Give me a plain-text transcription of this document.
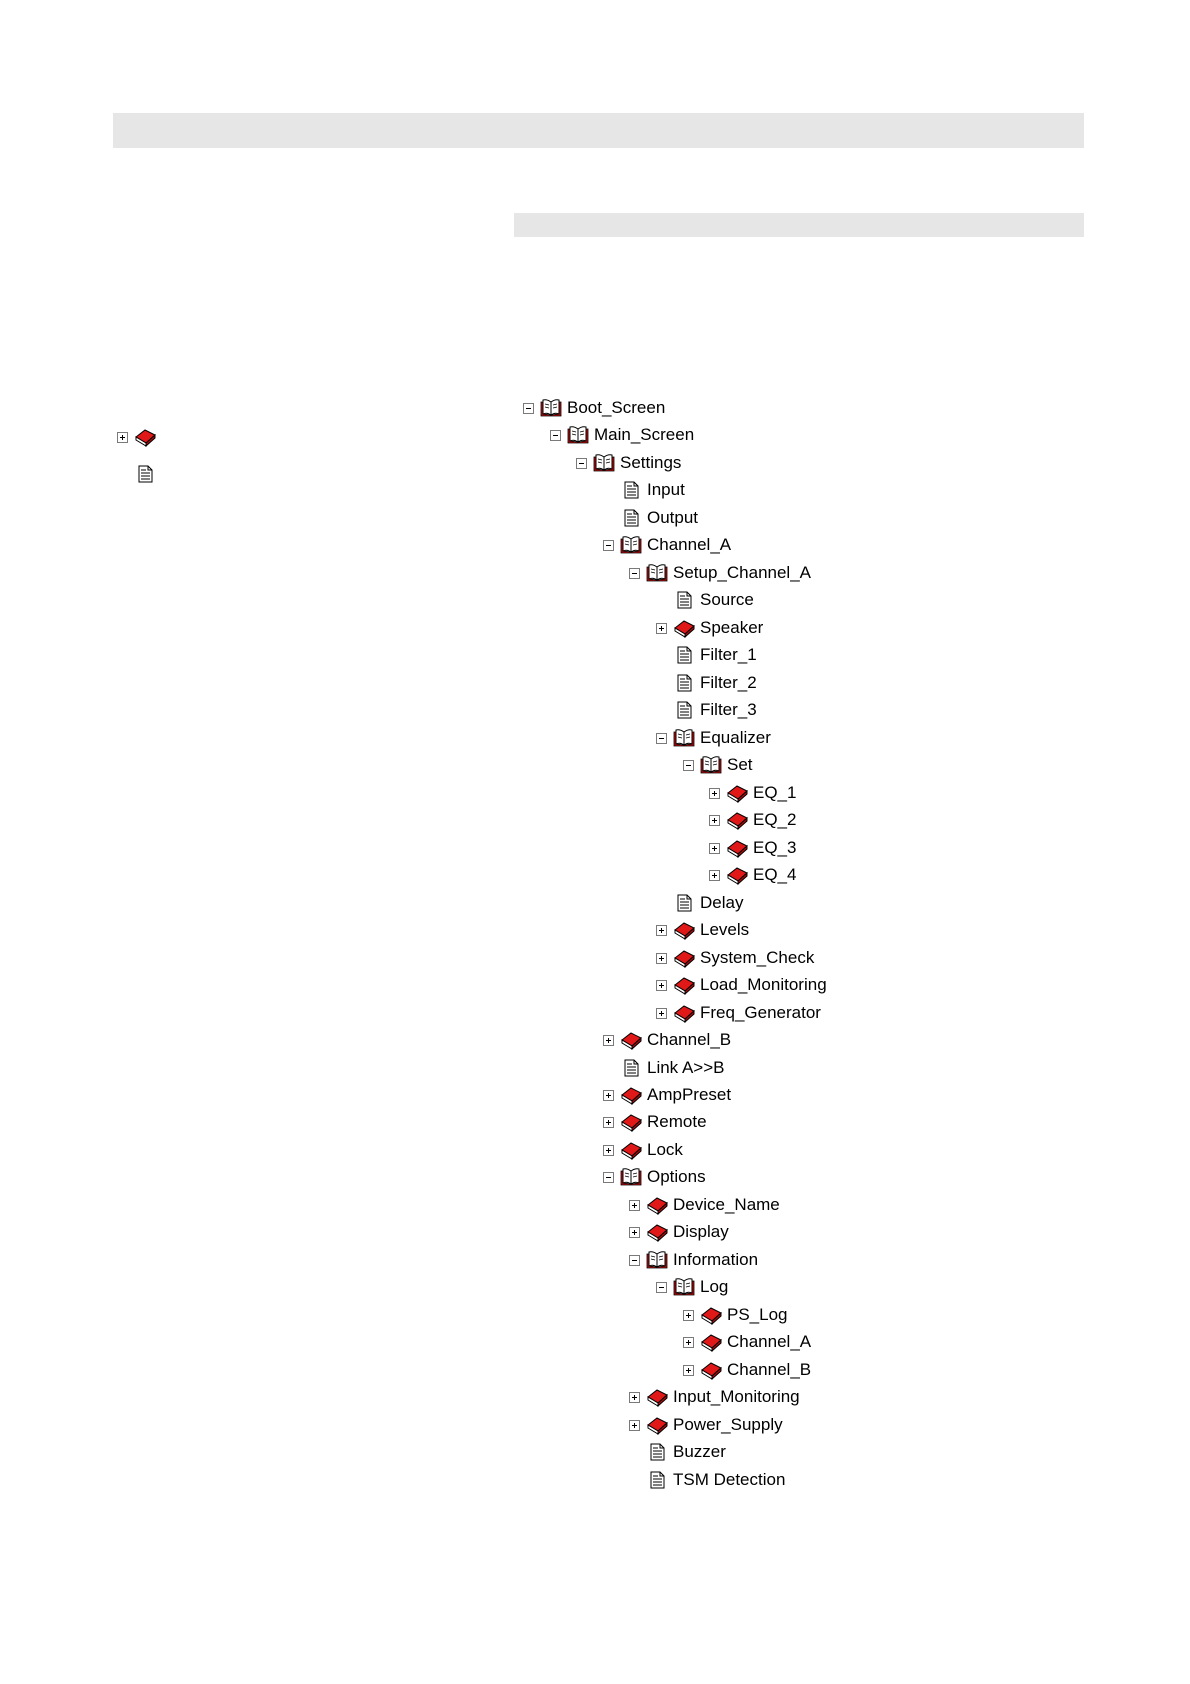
Boot_Screen
Main_Screen
Settings
Input
Output
Channel_A
Setup_Channel_A
Source
Speaker
Filter_1
Filter_2
Filter_3
Equalizer
Set
EQ_1
EQ_2
EQ_3
EQ_4
Delay
Levels
System_Check
Load_Monitoring
Freq_Generator
Channel_B
Link A>>B
AmpPreset
Remote
Lock
Options
Device_Name
Display
Information
Log
PS_Log
Channel_A
Channel_B
Input_Monitoring
Power_Supply
Buzzer
TSM Detection
